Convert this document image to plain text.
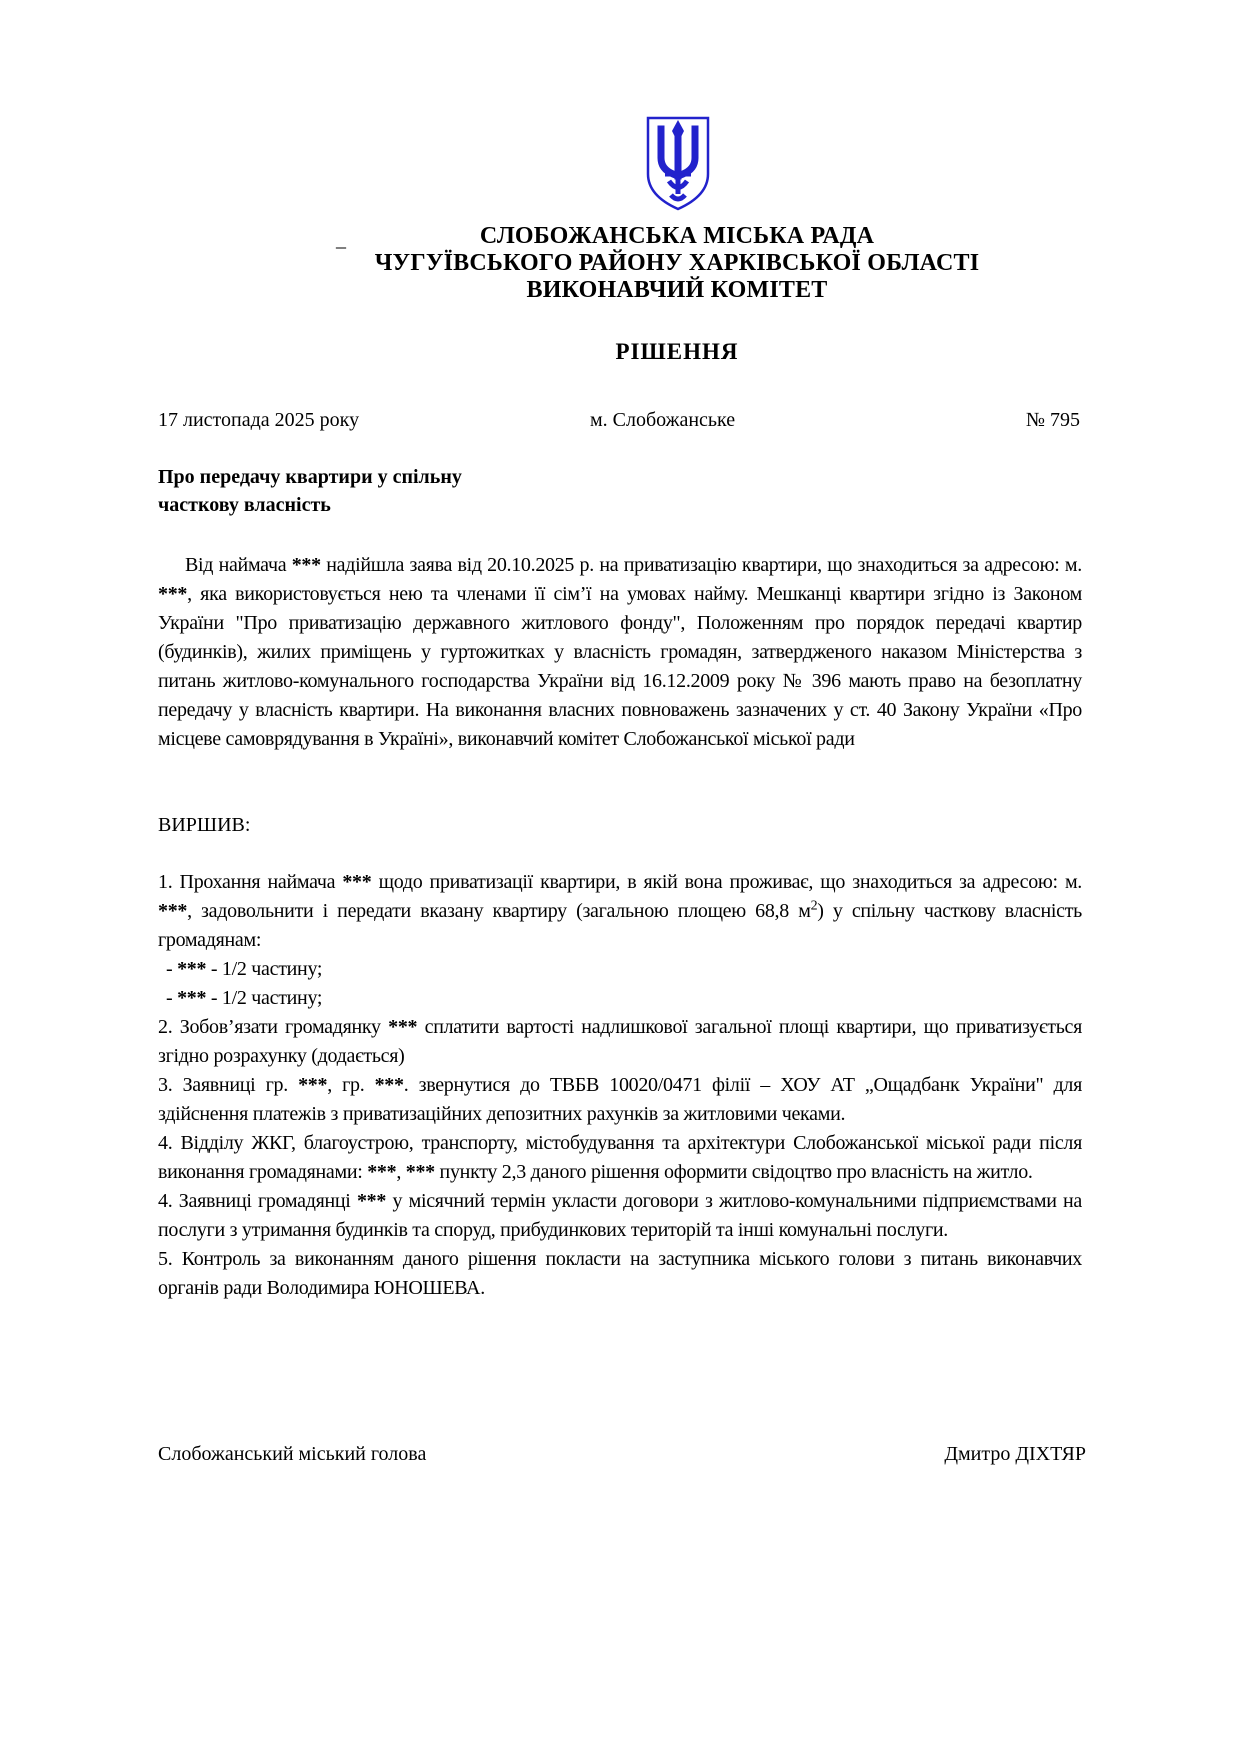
_	СЛОБОЖАНСЬКА МІСЬКА РАДА
ЧУГУЇВСЬКОГО РАЙОНУ ХАРКІВСЬКОЇ ОБЛАСТІ
ВИКОНАВЧИЙ КОМІТЕТ
РІШЕННЯ
17 листопада 2025 року	м. Слобожанське	№ 795
Про передачу квартири у спільну
часткову власність
Від наймача *** надійшла заява від 20.10.2025 р. на приватизацію квартири, що знаходиться за адресою: м. ***, яка використовується нею та членами її сім’ї на умовах найму. Мешканці квартири згідно із Законом України "Про приватизацію державного житлового фонду", Положенням про порядок передачі квартир (будинків), жилих приміщень у гуртожитках у власність громадян, затвердженого наказом Міністерства з питань житлово-комунального господарства України від 16.12.2009 року № 396 мають право на безоплатну передачу у власність квартири. На виконання власних повноважень зазначених у ст. 40 Закону України «Про місцеве самоврядування в Україні», виконавчий комітет Слобожанської міської ради
ВИРШИВ:

1. Прохання наймача *** щодо приватизації квартири, в якій вона проживає, що знаходиться за адресою: м. ***, задовольнити і передати вказану квартиру (загальною площею 68,8 $м^2$) у спільну часткову власність громадянам:

- *** - 1/2 частину;

- *** - 1/2 частину;

2. Зобов’язати громадянку *** сплатити вартості надлишкової загальної площі квартири, що приватизується згідно розрахунку (додається)

3. Заявниці гр. ***, гр. ***. звернутися до ТВБВ 10020/0471 філії – ХОУ АТ „Ощадбанк України" для здійснення платежів з приватизаційних депозитних рахунків за житловими чеками.

4. Відділу ЖКГ, благоустрою, транспорту, містобудування та архітектури Слобожанської міської ради після виконання громадянами: ***, *** пункту 2,3 даного рішення оформити свідоцтво про власність на житло.

4. Заявниці громадянці *** у місячний термін укласти договори з житлово-комунальними підприємствами на послуги з утримання будинків та споруд, прибудинкових територій та інші комунальні послуги.

5. Контроль за виконанням даного рішення покласти на заступника міського голови з питань виконавчих органів ради Володимира ЮНОШЕВА.

Слобожанський міський голова	Дмитро ДІХТЯР
